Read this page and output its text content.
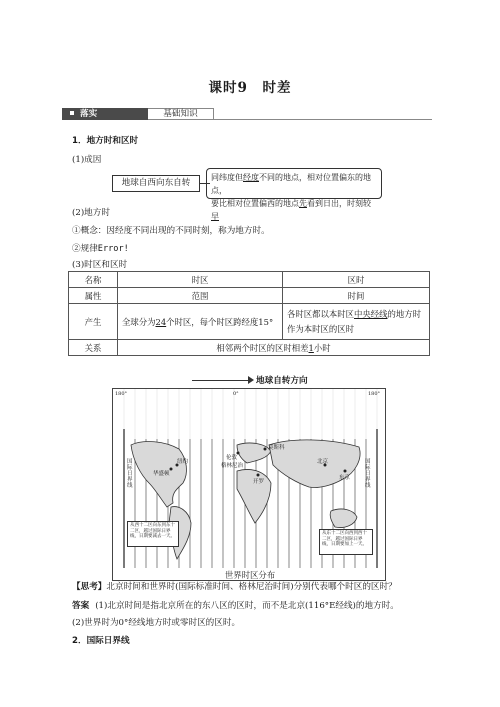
课时9　时差
落实	基础知识
1．地方时和区时
(1)成因
地球自西向东自转
同纬度但经度不同的地点，相对位置偏东的地点，
要比相对位置偏西的地点先看到日出，时刻较早
(2)地方时
①概念：因经度不同出现的不同时刻，称为地方时。
②规律Error!
(3)时区和区时
名称	时区	区时
属性	范围	时间
产生	全球分为24个时区，每个时区跨经度15°	各时区都以本时区中央经线的地方时
作为本时区的区时

关系	相邻两个时区的区时相差1小时	
地球自转方向
180°	0°	180°
国际日界线
国际日界线
伦敦
开罗
莫斯科
北京
东京
纽约
华盛顿
格林尼治
从西十二区向东到东十二区，越过国际日界线，日期要减去一天。
从东十二区向西到西十二区，越过国际日界线，日期要加上一天。
世界时区分布
【思考】北京时间和世界时(国际标准时间、格林尼治时间)分别代表哪个时区的区时？
答案 (1)北京时间是指北京所在的东八区的区时，而不是北京(116°E经线)的地方时。
(2)世界时为0°经线地方时或零时区的区时。
2．国际日界线
